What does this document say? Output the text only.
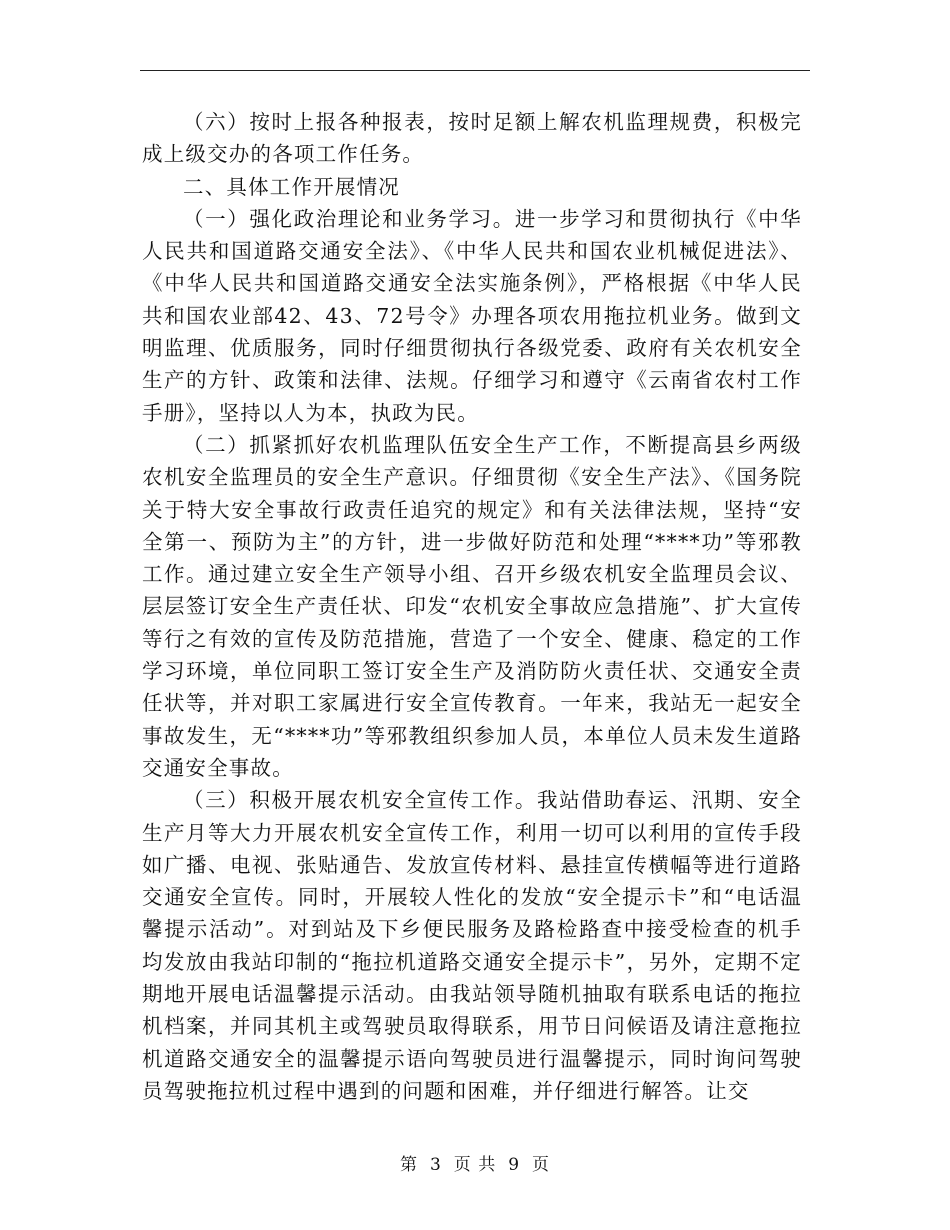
（六）按时上报各种报表，按时足额上解农机监理规费，积极完成上级交办的各项工作任务。

二、具体工作开展情况

（一）强化政治理论和业务学习。进一步学习和贯彻执行《中华人民共和国道路交通安全法》、《中华人民共和国农业机械促进法》、《中华人民共和国道路交通安全法实施条例》，严格根据《中华人民共和国农业部42、43、72号令》办理各项农用拖拉机业务。做到文明监理、优质服务，同时仔细贯彻执行各级党委、政府有关农机安全生产的方针、政策和法律、法规。仔细学习和遵守《云南省农村工作手册》，坚持以人为本，执政为民。

（二）抓紧抓好农机监理队伍安全生产工作，不断提高县乡两级农机安全监理员的安全生产意识。仔细贯彻《安全生产法》、《国务院关于特大安全事故行政责任追究的规定》和有关法律法规，坚持“安全第一、预防为主”的方针，进一步做好防范和处理“****功”等邪教工作。通过建立安全生产领导小组、召开乡级农机安全监理员会议、层层签订安全生产责任状、印发“农机安全事故应急措施”、扩大宣传等行之有效的宣传及防范措施，营造了一个安全、健康、稳定的工作学习环境，单位同职工签订安全生产及消防防火责任状、交通安全责任状等，并对职工家属进行安全宣传教育。一年来，我站无一起安全事故发生，无“****功”等邪教组织参加人员，本单位人员未发生道路交通安全事故。

（三）积极开展农机安全宣传工作。我站借助春运、汛期、安全生产月等大力开展农机安全宣传工作，利用一切可以利用的宣传手段如广播、电视、张贴通告、发放宣传材料、悬挂宣传横幅等进行道路交通安全宣传。同时，开展较人性化的发放“安全提示卡”和“电话温馨提示活动”。对到站及下乡便民服务及路检路查中接受检查的机手均发放由我站印制的“拖拉机道路交通安全提示卡”，另外，定期不定期地开展电话温馨提示活动。由我站领导随机抽取有联系电话的拖拉机档案，并同其机主或驾驶员取得联系，用节日问候语及请注意拖拉机道路交通安全的温馨提示语向驾驶员进行温馨提示，同时询问驾驶员驾驶拖拉机过程中遇到的问题和困难，并仔细进行解答。让交

第 3 页 共 9 页
